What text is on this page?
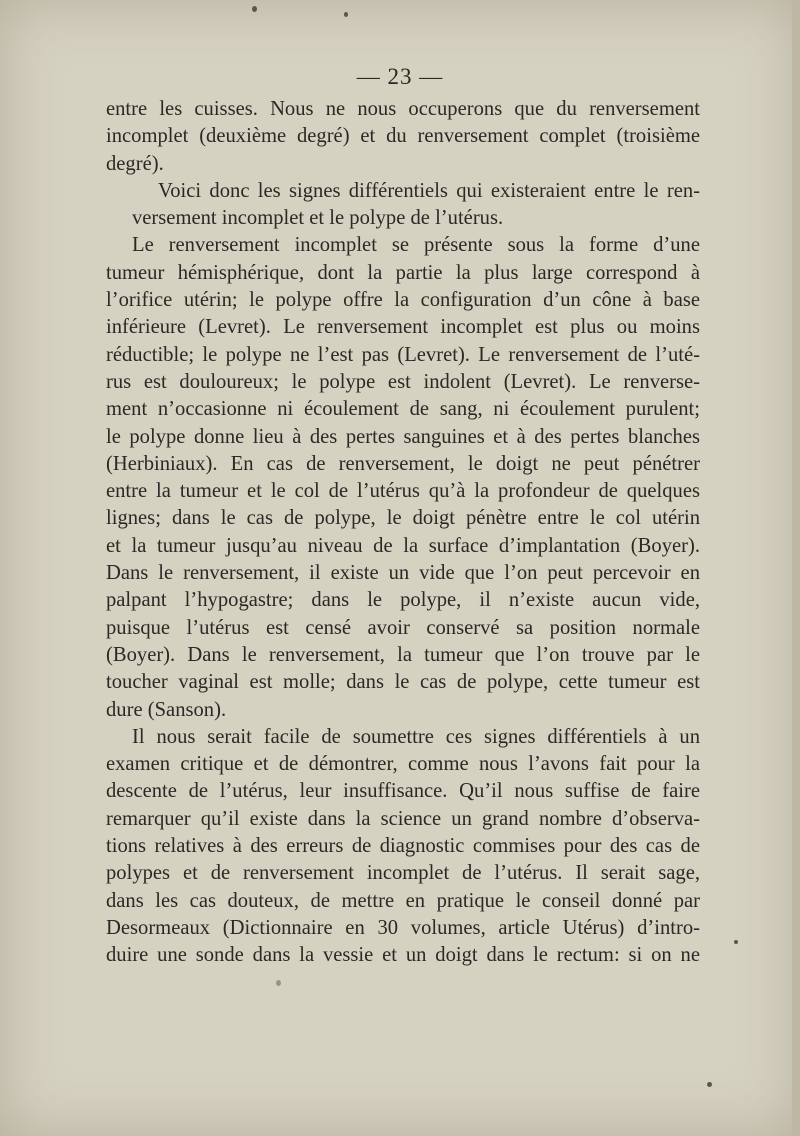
— 23 —

entre les cuisses. Nous ne nous occuperons que du renversement
incomplet (deuxième degré) et du renversement complet (troisième
degré).

Voici donc les signes différentiels qui existeraient entre le ren-
versement incomplet et le polype de l’utérus.

Le renversement incomplet se présente sous la forme d’une
tumeur hémisphérique, dont la partie la plus large correspond à
l’orifice utérin; le polype offre la configuration d’un cône à base
inférieure (Levret). Le renversement incomplet est plus ou moins
réductible; le polype ne l’est pas (Levret). Le renversement de l’uté-
rus est douloureux; le polype est indolent (Levret). Le renverse-
ment n’occasionne ni écoulement de sang, ni écoulement purulent;
le polype donne lieu à des pertes sanguines et à des pertes blanches
(Herbiniaux). En cas de renversement, le doigt ne peut pénétrer
entre la tumeur et le col de l’utérus qu’à la profondeur de quelques
lignes; dans le cas de polype, le doigt pénètre entre le col utérin
et la tumeur jusqu’au niveau de la surface d’implantation (Boyer).
Dans le renversement, il existe un vide que l’on peut percevoir en
palpant l’hypogastre; dans le polype, il n’existe aucun vide,
puisque l’utérus est censé avoir conservé sa position normale
(Boyer). Dans le renversement, la tumeur que l’on trouve par le
toucher vaginal est molle; dans le cas de polype, cette tumeur est
dure (Sanson).

Il nous serait facile de soumettre ces signes différentiels à un
examen critique et de démontrer, comme nous l’avons fait pour la
descente de l’utérus, leur insuffisance. Qu’il nous suffise de faire
remarquer qu’il existe dans la science un grand nombre d’observa-
tions relatives à des erreurs de diagnostic commises pour des cas de
polypes et de renversement incomplet de l’utérus. Il serait sage,
dans les cas douteux, de mettre en pratique le conseil donné par
Desormeaux (Dictionnaire en 30 volumes, article Utérus) d’intro-
duire une sonde dans la vessie et un doigt dans le rectum: si on ne
